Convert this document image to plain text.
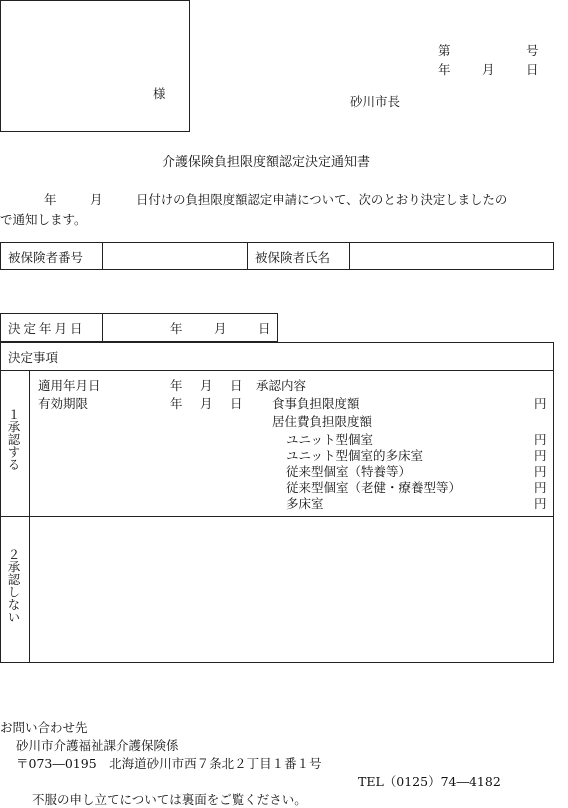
様
第	号
年	月	日
砂川市長
介護保険負担限度額認定決定通知書
年	月	日付けの負担限度額認定申請について、次のとおり決定しましたの
で通知します。
被保険者番号	被保険者氏名
決定年月日	年	月	日
決定事項
１承認する
適用年月日	年 月 日 承認内容
有効期限	年 月 日 食事負担限度額	円
居住費負担限度額
ユニット型個室	円
ユニット型個室的多床室	円
従来型個室（特養等）	円
従来型個室（老健・療養型等）	円
多床室	円
２承認しない
お問い合わせ先
砂川市介護福祉課介護保険係
〒073―0195　北海道砂川市西７条北２丁目１番１号
TEL（0125）74―4182
不服の申し立てについては裏面をご覧ください。
